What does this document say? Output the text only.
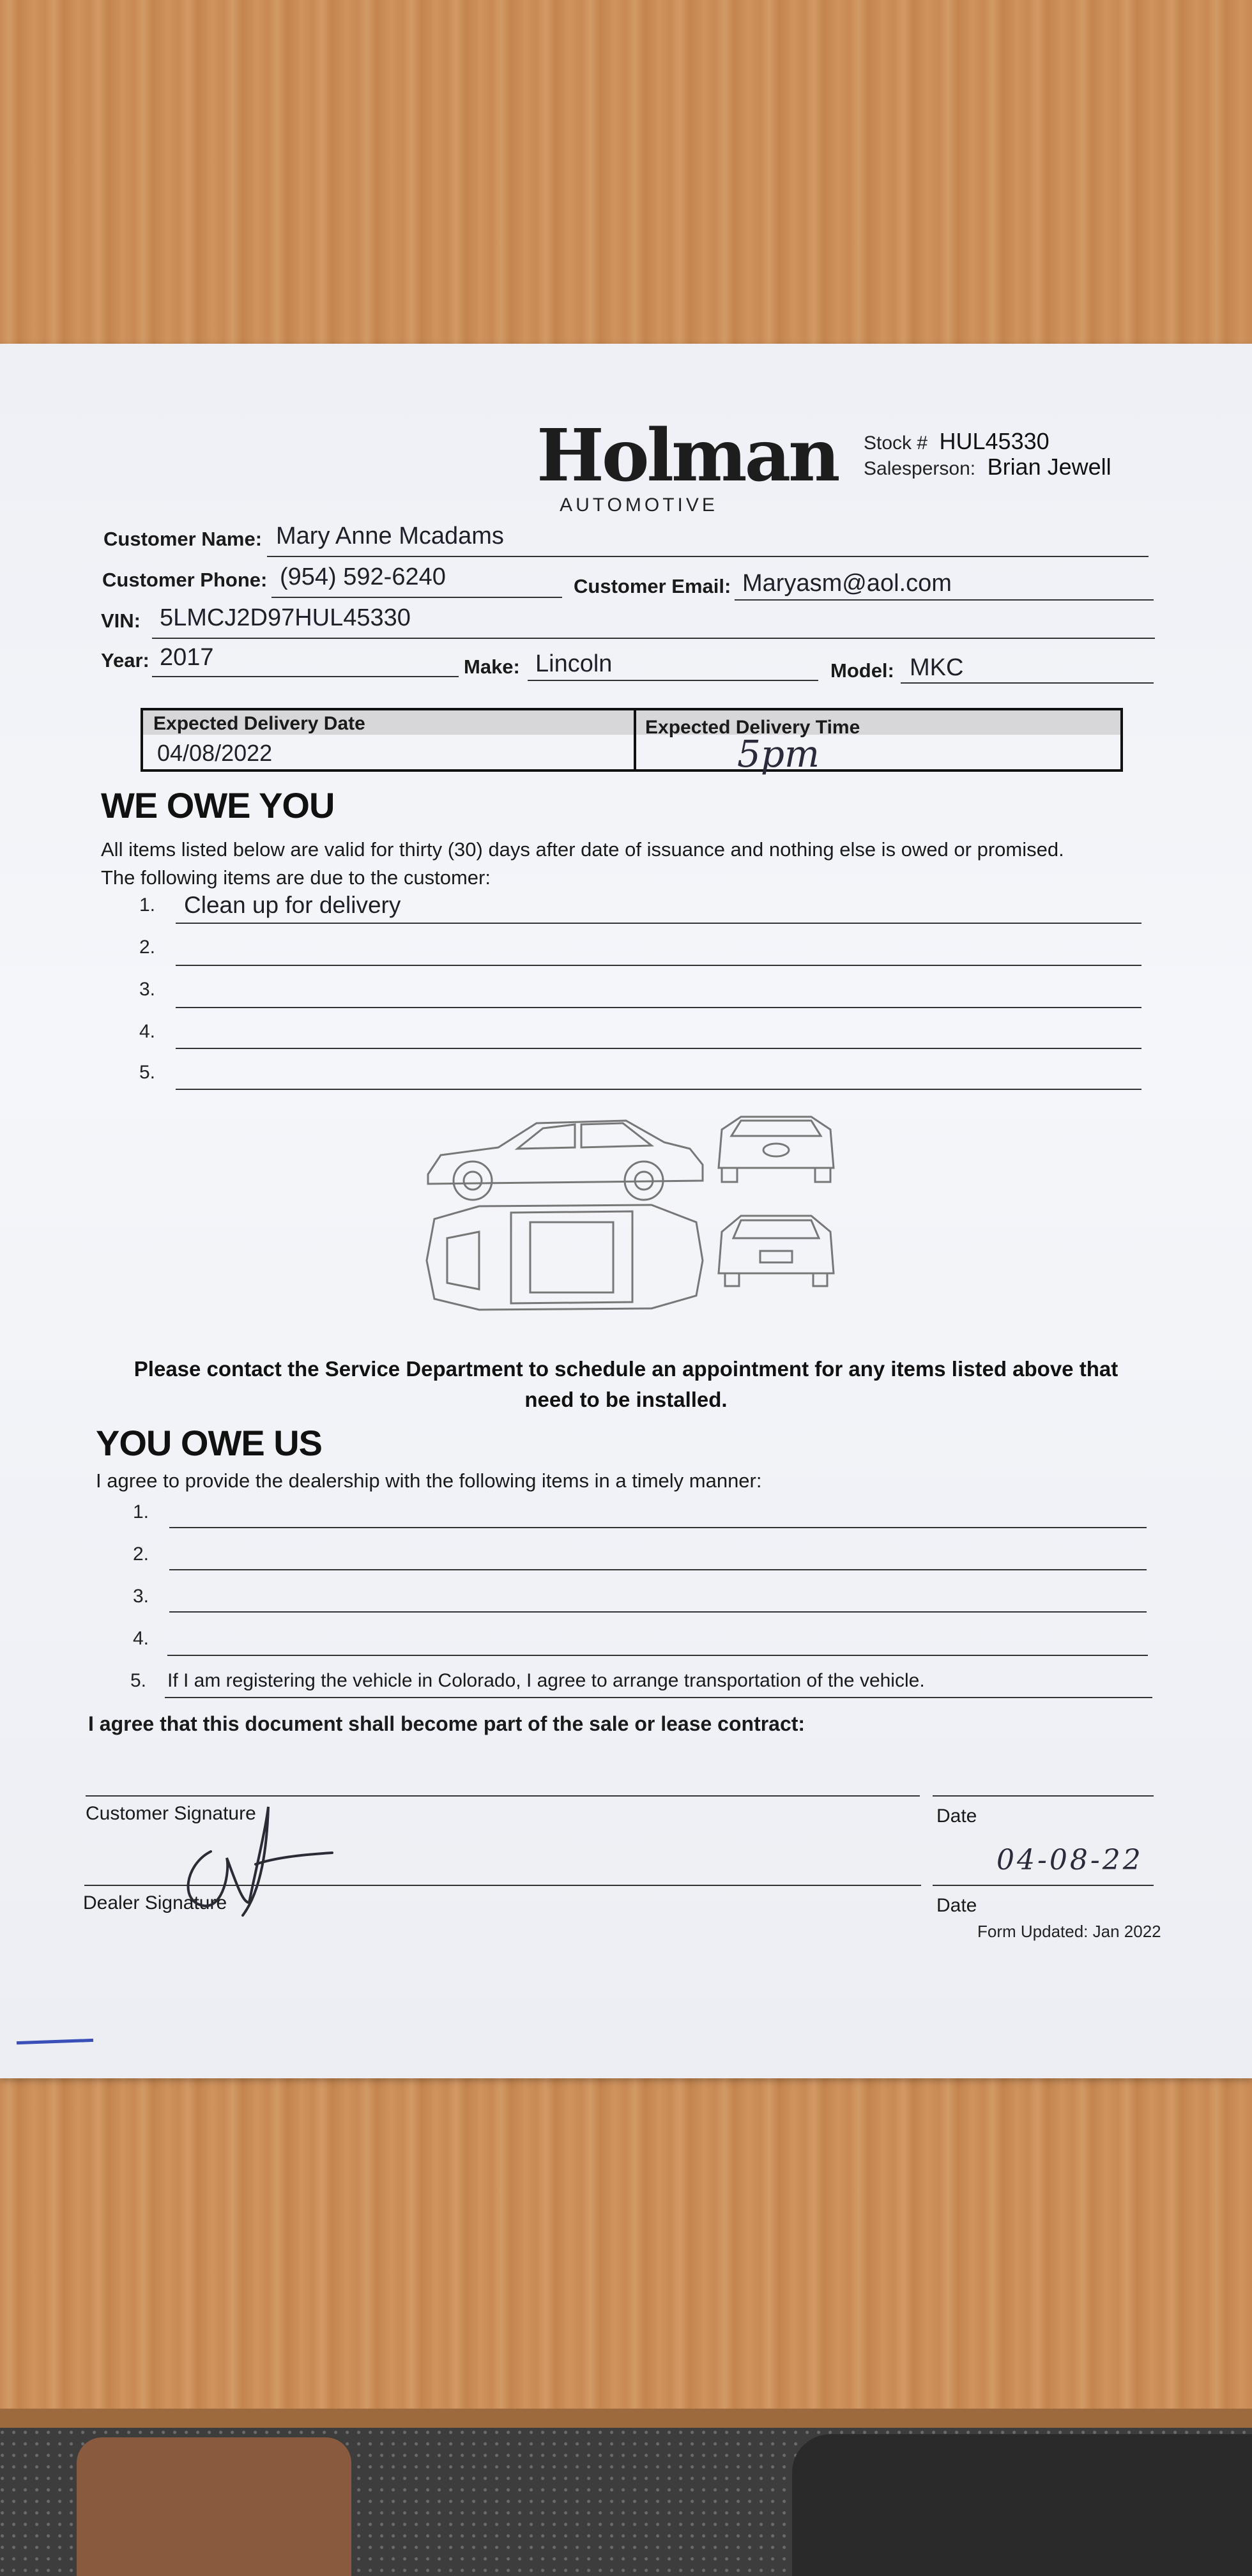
Holman
AUTOMOTIVE
Stock # HUL45330
Salesperson: Brian Jewell
Customer Name: Mary Anne Mcadams
Customer Phone: (954) 592-6240	Customer Email: Maryasm@aol.com
VIN: 5LMCJ2D97HUL45330
Year: 2017	Make: Lincoln	Model: MKC
Expected Delivery Date
04/08/2022
Expected Delivery Time
5pm
WE OWE YOU
All items listed below are valid for thirty (30) days after date of issuance and nothing else is owed or promised.
The following items are due to the customer:
1. Clean up for delivery
2.
3.
4.
5.
Please contact the Service Department to schedule an appointment for any items listed above that
need to be installed.
YOU OWE US
I agree to provide the dealership with the following items in a timely manner:
1.
2.
3.
4.
5. If I am registering the vehicle in Colorado, I agree to arrange transportation of the vehicle.
I agree that this document shall become part of the sale or lease contract:
Customer Signature	Date
04-08-22
Dealer Signature	Date
Form Updated: Jan 2022
